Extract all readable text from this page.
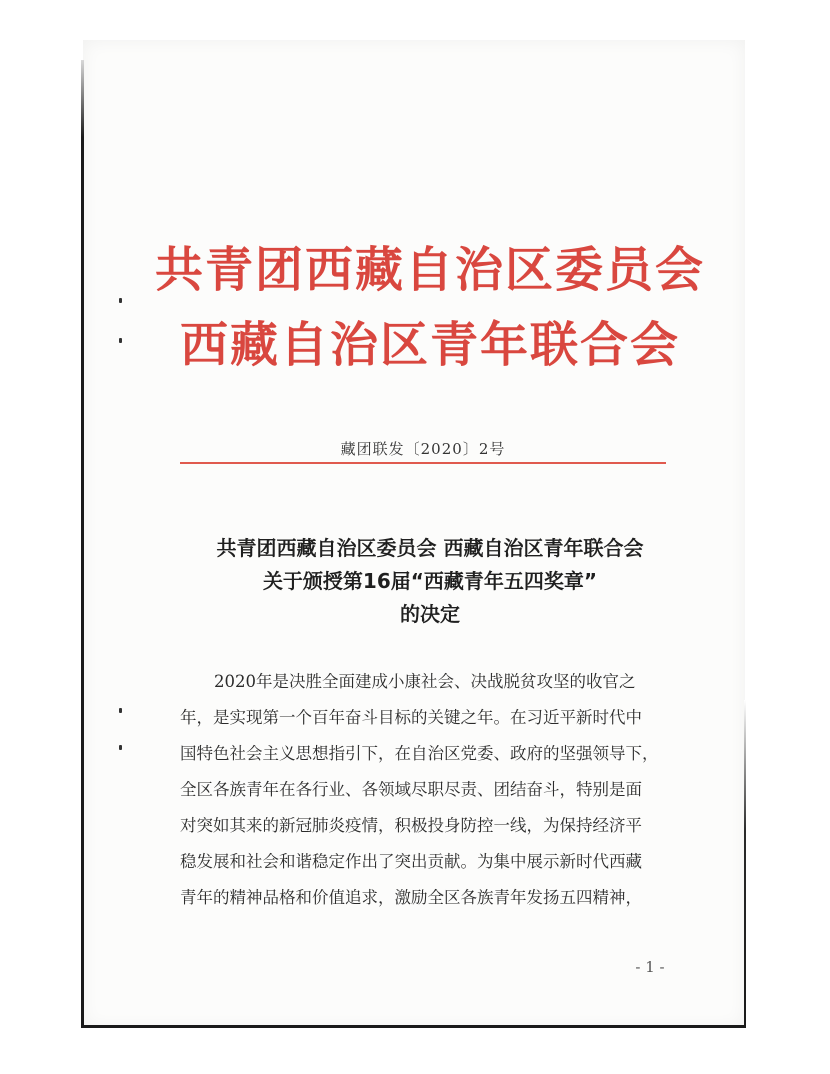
共青团西藏自治区委员会
西藏自治区青年联合会
藏团联发〔2020〕2号
共青团西藏自治区委员会 西藏自治区青年联合会
关于颁授第16届“西藏青年五四奖章”
的决定
2020年是决胜全面建成小康社会、决战脱贫攻坚的收官之
年，是实现第一个百年奋斗目标的关键之年。在习近平新时代中
国特色社会主义思想指引下，在自治区党委、政府的坚强领导下，
全区各族青年在各行业、各领域尽职尽责、团结奋斗，特别是面
对突如其来的新冠肺炎疫情，积极投身防控一线，为保持经济平
稳发展和社会和谐稳定作出了突出贡献。为集中展示新时代西藏
青年的精神品格和价值追求，激励全区各族青年发扬五四精神，
- 1 -
